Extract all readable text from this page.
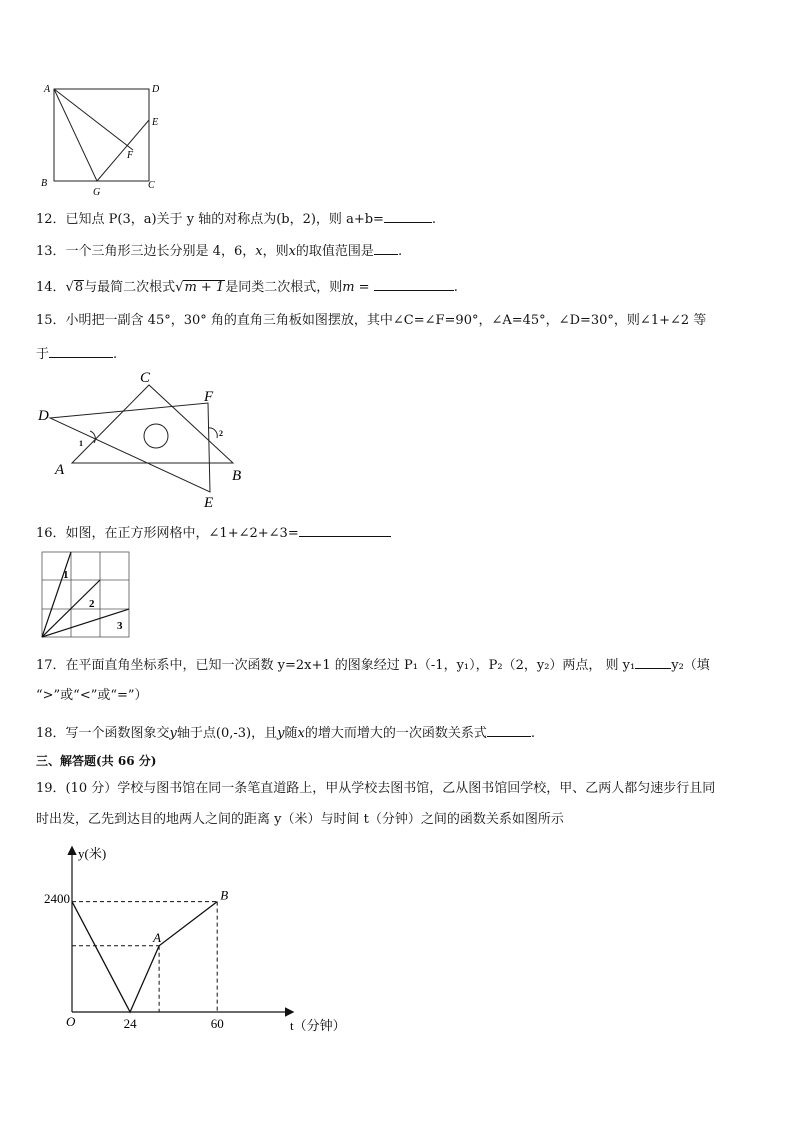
A	D
E
F
B
G
C
12．已知点 P(3，a)关于 y 轴的对称点为(b，2)，则 a+b=	.
13．一个三角形三边长分别是 4，6，x，则x的取值范围是 .
14．√8与最简二次根式√m + 1是同类二次根式，则m =	.
15．小明把一副含 45°，30° 角的直角三角板如图摆放，其中∠C=∠F=90°，∠A=45°，∠D=30°，则∠1+∠2 等
于	.
C
F
D
A	B
E
1
2
16．如图，在正方形网格中，∠1+∠2+∠3=
1
2
3
17．在平面直角坐标系中，已知一次函数 y=2x+1 的图象经过 P₁（-1，y₁），P₂（2，y₂）两点， 则 y₁	y₂（填
“>”或“<”或“=”）
18．写一个函数图象交y轴于点(0,-3)，且y随x的增大而增大的一次函数关系式	.
三、解答题(共 66 分)
19．(10 分）学校与图书馆在同一条笔直道路上，甲从学校去图书馆，乙从图书馆回学校，甲、乙两人都匀速步行且同
时出发，乙先到达目的地两人之间的距离 y（米）与时间 t（分钟）之间的函数关系如图所示
y(米)
t（分钟）
O
2400
24	60
A
B
